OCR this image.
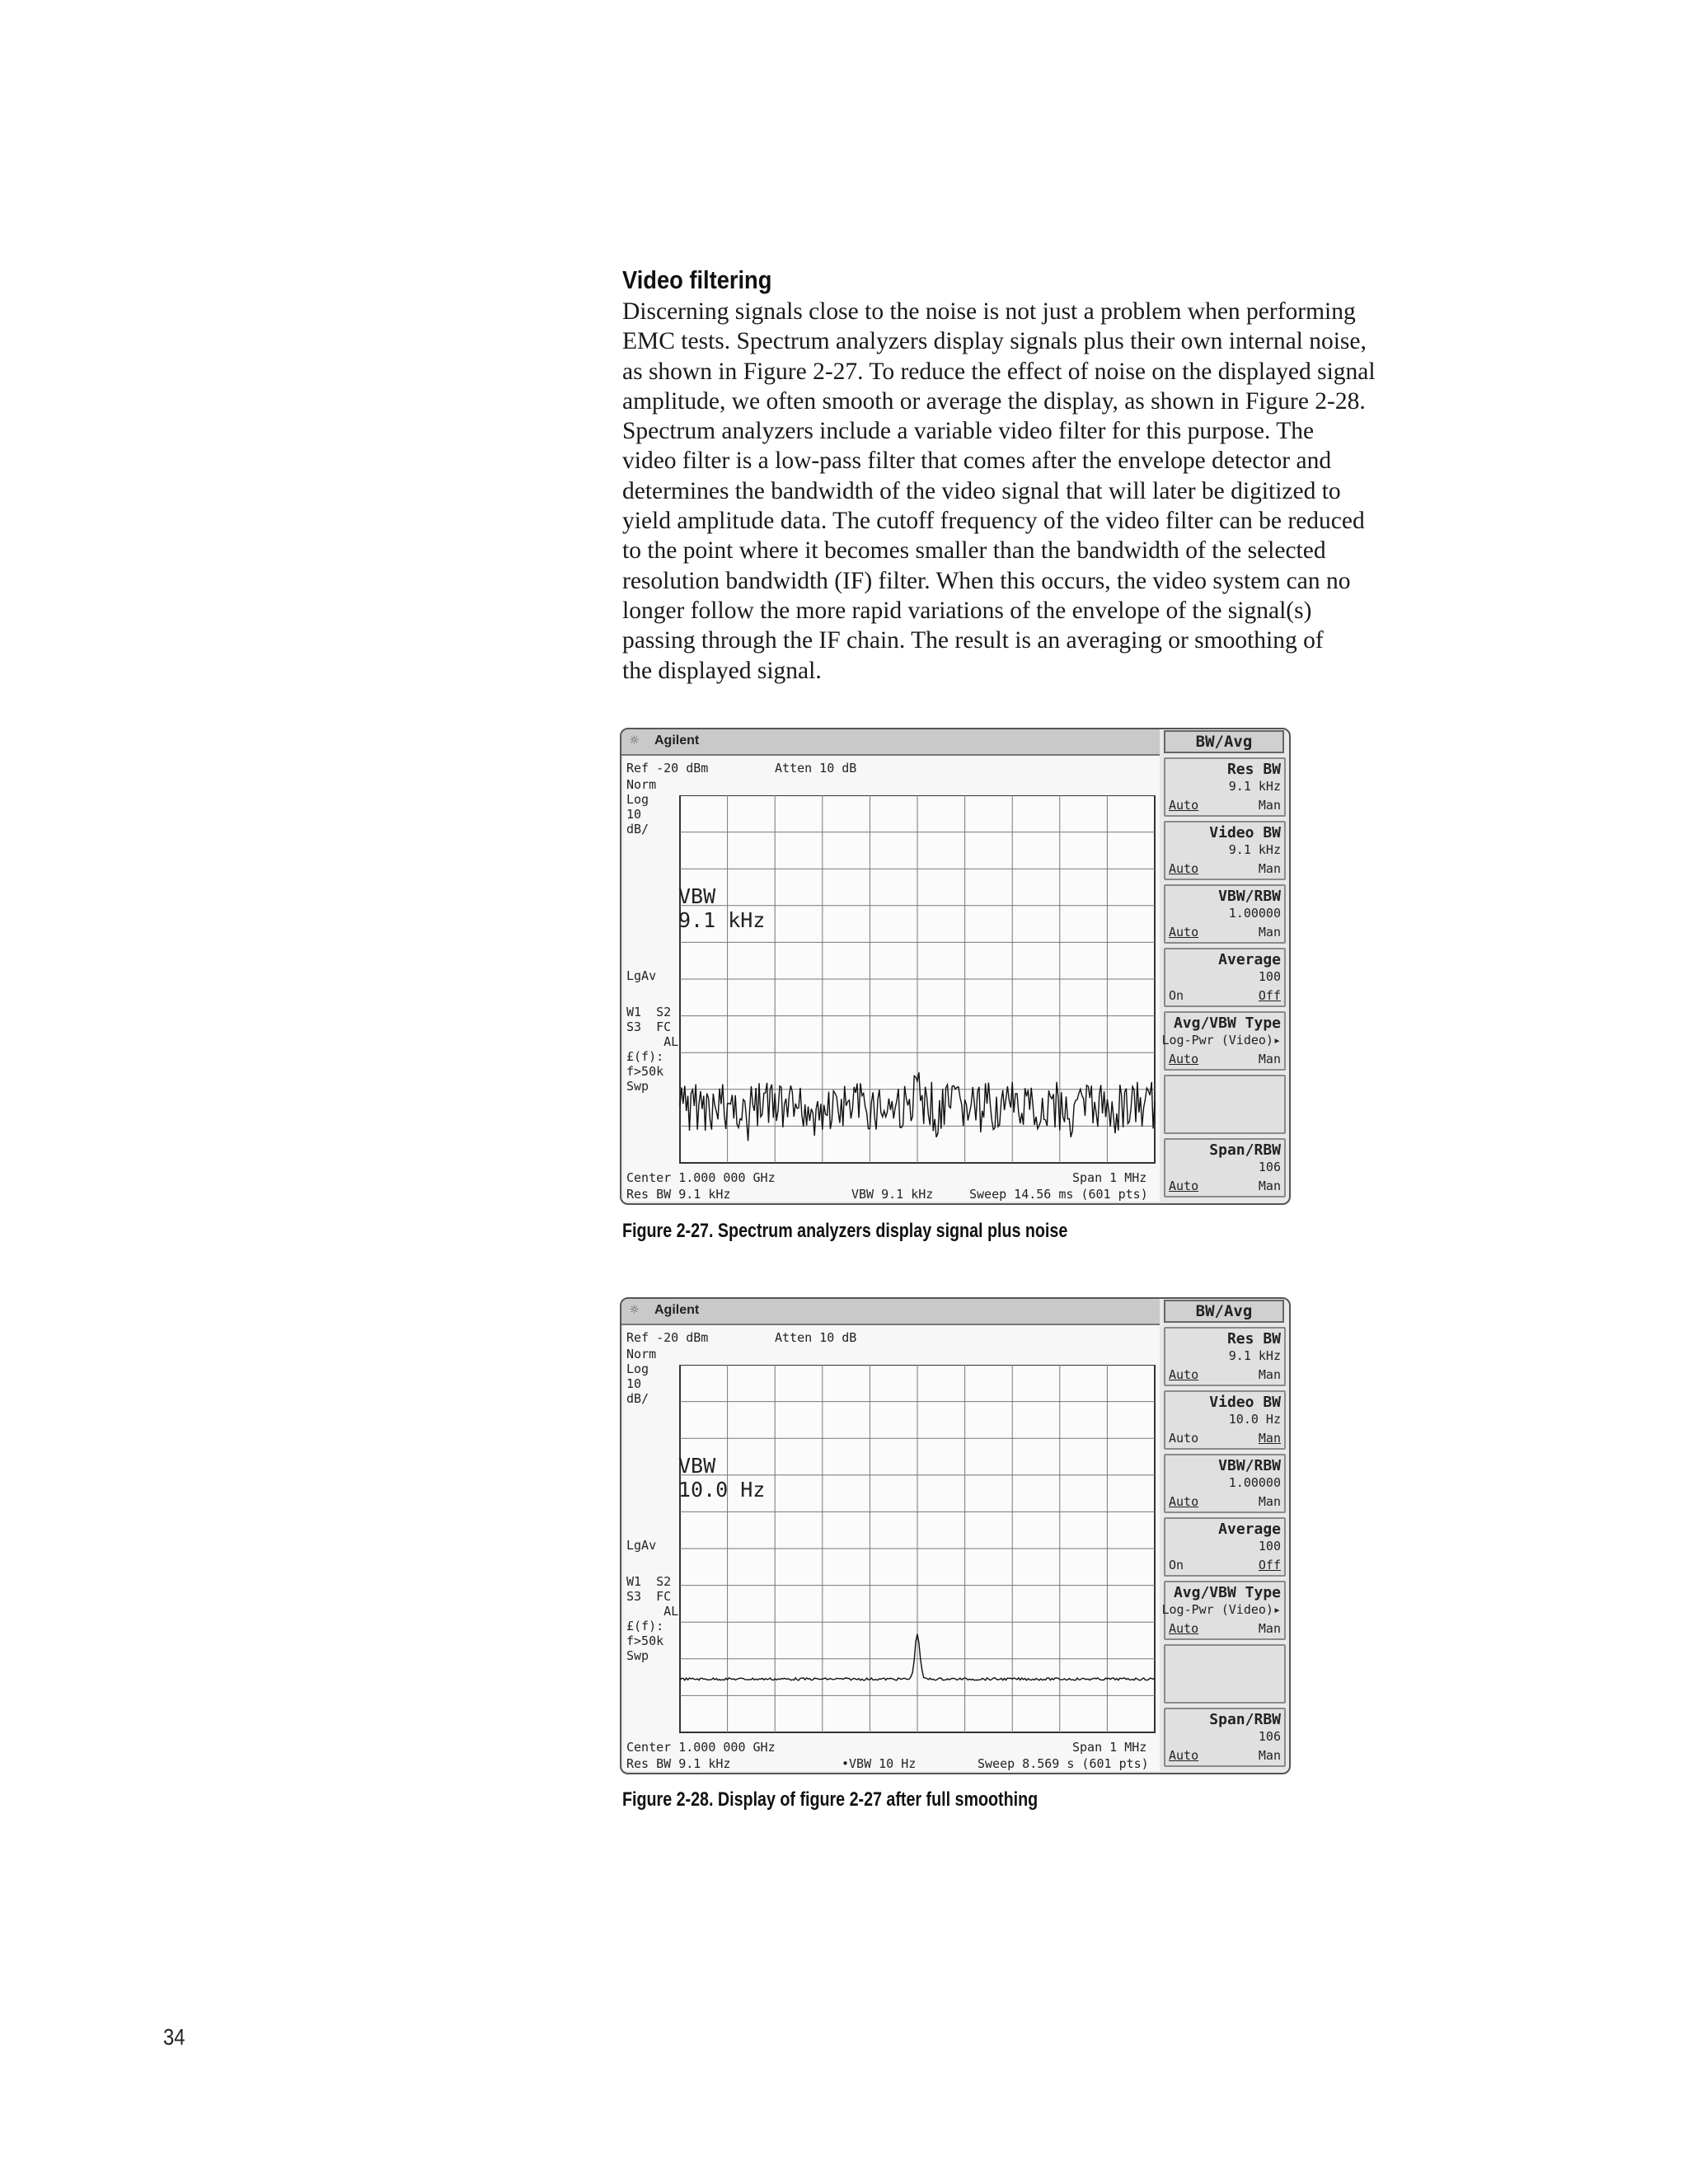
Video filtering
Discerning signals close to the noise is not just a problem when performing
EMC tests. Spectrum analyzers display signals plus their own internal noise,
as shown in Figure 2-27. To reduce the effect of noise on the displayed signal
amplitude, we often smooth or average the display, as shown in Figure 2-28.
Spectrum analyzers include a variable video filter for this purpose. The
video filter is a low-pass filter that comes after the envelope detector and
determines the bandwidth of the video signal that will later be digitized to
yield amplitude data. The cutoff frequency of the video filter can be reduced
to the point where it becomes smaller than the bandwidth of the selected
resolution bandwidth (IF) filter. When this occurs, the video system can no
longer follow the more rapid variations of the envelope of the signal(s)
passing through the IF chain. The result is an averaging or smoothing of
the displayed signal.
☼ Agilent	BW/Avg
Ref -20 dBm	Atten 10 dB
Norm
Log
10
dB/
LgAv
W1  S2
S3  FC
AL
£(f):
f>50k
Swp
VBW
9.1 kHz
Center 1.000 000 GHz	Span 1 MHz
Res BW 9.1 kHz	VBW 9.1 kHz	Sweep 14.56 ms (601 pts)
Res BW
9.1 kHz
Auto	Man
Video BW
9.1 kHz
Auto	Man
VBW/RBW
1.00000
Auto	Man
Average
100
On	Off
Avg/VBW Type
Log-Pwr (Video)▸
Auto	Man
Span/RBW
106
Auto	Man
Figure 2-27. Spectrum analyzers display signal plus noise
☼ Agilent	BW/Avg
Ref -20 dBm	Atten 10 dB
Norm
Log
10
dB/
LgAv
W1  S2
S3  FC
AL
£(f):
f>50k
Swp
VBW
10.0 Hz
Center 1.000 000 GHz	Span 1 MHz
Res BW 9.1 kHz	•VBW 10 Hz	Sweep 8.569 s (601 pts)
Res BW
9.1 kHz
Auto	Man
Video BW
10.0 Hz
Auto	Man
VBW/RBW
1.00000
Auto	Man
Average
100
On	Off
Avg/VBW Type
Log-Pwr (Video)▸
Auto	Man
Span/RBW
106
Auto	Man
Figure 2-28. Display of figure 2-27 after full smoothing
34
